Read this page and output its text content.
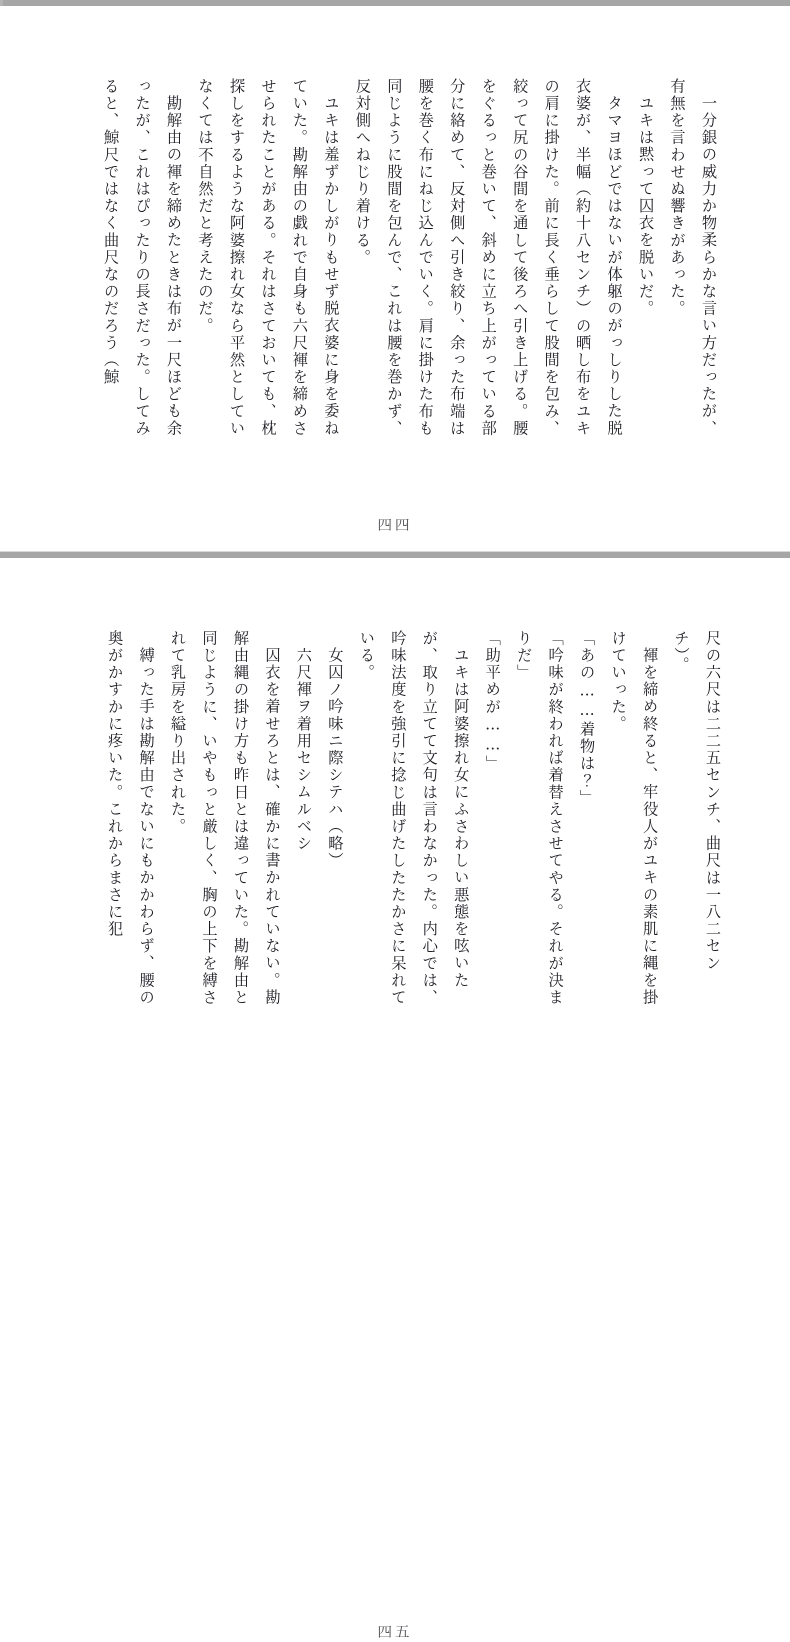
一分銀の威力か物柔らかな言い方だったが、有無を言わせぬ響きがあった。

ユキは黙って囚衣を脱いだ。

タマヨほどではないが体躯のがっしりした脱衣婆が、半幅（約十八センチ）の晒し布をユキの肩に掛けた。前に長く垂らして股間を包み、絞って尻の谷間を通して後ろへ引き上げる。腰をぐるっと巻いて、斜めに立ち上がっている部分に絡めて、反対側へ引き絞り、余った布端は腰を巻く布にねじ込んでいく。肩に掛けた布も同じように股間を包んで、これは腰を巻かず、反対側へねじり着ける。

ユキは羞ずかしがりもせず脱衣婆に身を委ねていた。勘解由の戯れで自身も六尺褌を締めさせられたことがある。それはさておいても、枕探しをするような阿婆擦れ女なら平然としていなくては不自然だと考えたのだ。

勘解由の褌を締めたときは布が一尺ほども余ったが、これはぴったりの長さだった。してみると、鯨尺ではなく曲尺なのだろう（鯨

四四

尺の六尺は二二五センチ、曲尺は一八二センチ）。

褌を締め終ると、牢役人がユキの素肌に縄を掛けていった。

「あの……着物は？」

「吟味が終われば着替えさせてやる。それが決まりだ」

「助平めが……」

ユキは阿婆擦れ女にふさわしい悪態を呟いたが、取り立てて文句は言わなかった。内心では、吟味法度を強引に捻じ曲げたしたたかさに呆れている。

女囚ノ吟味ニ際シテハ（略）

六尺褌ヲ着用セシムルベシ

囚衣を着せろとは、確かに書かれていない。勘解由縄の掛け方も昨日とは違っていた。勘解由と同じように、いやもっと厳しく、胸の上下を縛されて乳房を縊り出された。

縛った手は勘解由でないにもかかわらず、腰の奥がかすかに疼いた。これからまさに犯

四五
